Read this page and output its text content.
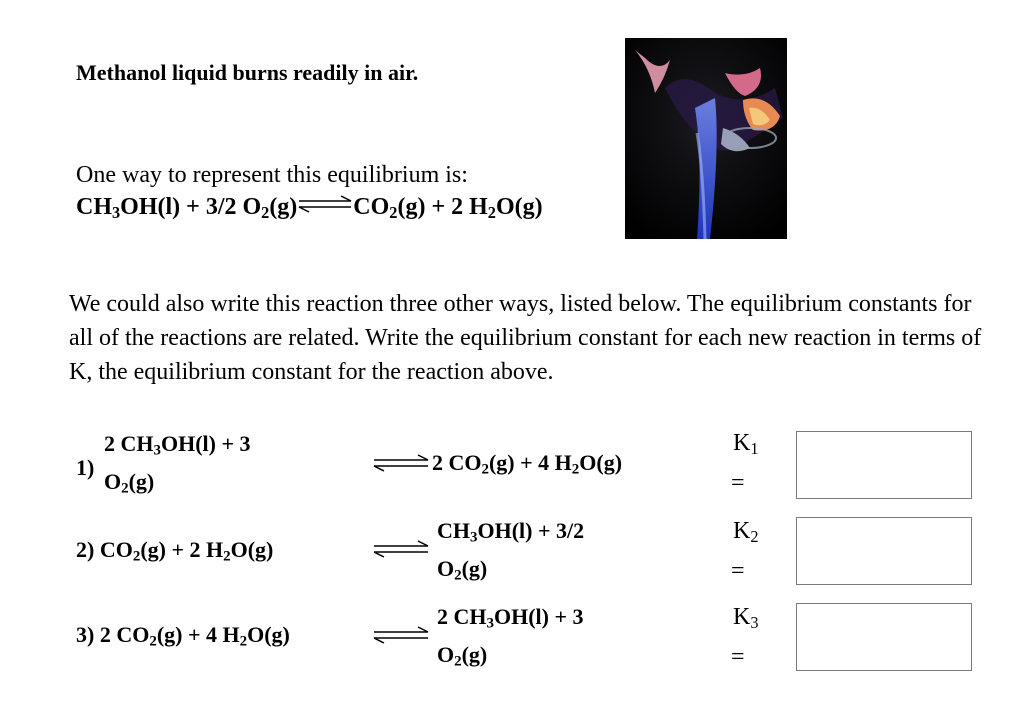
Methanol liquid burns readily in air.
One way to represent this equilibrium is:
$CH_3OH(l) + 3/2$ $O_2(g)\rightleftharpoons CO_2(g) + 2$ $H_2O(g)$
We could also write this reaction three other ways, listed below. The equilibrium constants for all of the reactions are related. Write the equilibrium constant for each new reaction in terms of K, the equilibrium constant for the reaction above.
1)
2 $CH_3OH(l) + 3$
$O_2(g)$
⇌ 2 $CO_2(g) + 4$ $H_2O(g)$
$K_1$
=
2) $CO_2(g) + 2$ $H_2O(g)$
$CH_3OH(l) + 3/2$
$O_2(g)$
$K_2$
=
3) 2 $CO_2(g) + 4$ $H_2O(g)$
2 $CH_3OH(l) + 3$
$O_2(g)$
$K_3$
=
